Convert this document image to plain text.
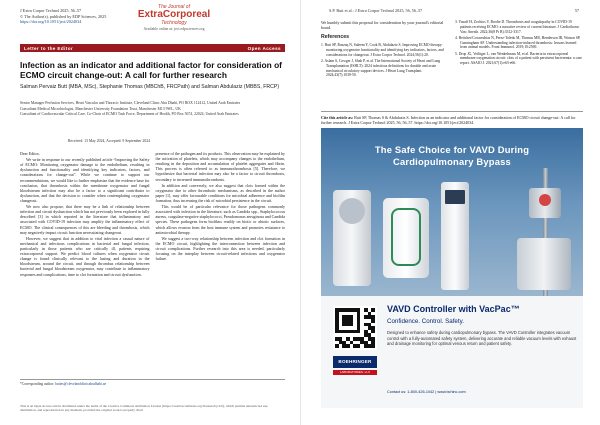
J Extra Corpor Technol 2025, 56–57
© The Author(s), published by EDP Sciences, 2025
https://doi.org/10.1051/ject/2024034
The Journal of
ExtraCorporeal
Technology
Available online at: ject.edpsciences.org
Letter to the Editor	Open Access
Infection as an indicator and additional factor for consideration of ECMO circuit change-out: A call for further research
Salman Pervaiz Butt (MBA, MSc), Stephanie Thomas (MBChB, FRCPath) and Salman Abdulaziz (MBBS, FRCP)

Senior Manager Perfusion Services, Heart Vascular and Thoracic Institute, Cleveland Clinic Abu Dhabi, PO BOX 112412, United Arab Emirates

Consultant Medical Microbiologist, Manchester University Foundation Trust, Manchester M13 9WL, UK

Consultant of Cardiovascular Critical Care, Co-Chair of ECMO Task Force, Department of Health, PO Box 5674, 22024, United Arab Emirates

Received: 13 May 2024, Accepted: 9 September 2024

Dear Editor,

We write in response to our recently published article “Improving the Safety of ECMO: Monitoring oxygenator damage to the endothelium, resulting in dysfunction and functionality and identifying key indicators, factors, and considerations for change-out”. While we continue to support our recommendations, we would like to further emphasize that the evidence base for conclusion, that thrombosis within the membrane oxygenator and fungal bloodstream infection may also be a factor to a significant contributor to dysfunction, and that the decision to consider when contemplating oxygenator changeout.

We now also propose, that there may be a link of relationship between infection and circuit dysfunction which has not previously been explored in fully described [3] in which reported in the literature that inflammatory and associated with COVID-19 infection may amplify the inflammatory effect of ECMO. The clinical consequences of this are bleeding and thrombosis, which may negatively impact circuit function necessitating changeout.

However, we suggest that in addition to vital infection a causal nature of mechanical and infectious complications in bacterial and fungal infection, particularly in those patients who are critically ill, patients requiring extracorporeal support. We predict blood cultures when oxygenator circuit change is found clinically relevant to the lasting and duration in the bloodstream, around the circuit, and through thrombus relationship between bacterial and fungal bloodstream oxygenator, may contribute to inflammatory responses and complications, time to clot formation and circuit dysfunction.

presence of the pathogen and its products. This observation may be explained by the activation of platelets, which may accompany changes to the endothelium, resulting in the deposition and accumulation of platelet aggregates and fibrin. This process is often referred to as immunothrombosis [5]. Therefore, we hypothesize that bacterial infection may also be a factor to circuit thrombosis, secondary to increased immunothrombosis.

In addition and conversely, we also suggest that clots formed within the oxygenator due to other thrombotic mechanisms, as described in the author paper [1], may offer favourable conditions for microbial adherence and biofilm formation, thus increasing the risk of microbial persistence in the circuit.

This would be of particular relevance for those pathogens commonly associated with infection in the literature, such as Candida spp., Staphylococcus aureus, coagulase-negative staphylococci, Pseudomonas aeruginosa and Candida species. These pathogens form biofilms readily on biotic or abiotic surfaces, which allows evasion from the host immune system and promotes resistance to antimicrobial therapy.

We suggest a two-way relationship between infection and clot formation in the ECMO circuit, highlighting the interconnection between infection and circuit complications. Further research into this area is needed, particularly focusing on the interplay between circuit-related infections and oxygenator failure.

*Corresponding author: buttes@clevelandclinicabudhabi.ae
This is an Open Access article distributed under the terms of the Creative Commons Attribution License (https://creativecommons.org/licenses/by/4.0), which permits unrestricted use, distribution, and reproduction in any medium, provided the original work is properly cited.
S.P. Butt et al.: J Extra Corpor Technol 2025, 56, 56–57	57

We humbly submit this proposal for consideration by your journal's editorial board.

References

1. Butt SP, Razzaq N, Saleem Y, Cook B, Abdulaziz S. Improving ECMO therapy: monitoring oxygenator functionality and identifying key indicators, factors, and considerations for changeout. J Extra Corpor Technol. 2024;56(1):20.

2. Aslam S, Cowger J, Shah P, et al. The International Society of Heart and Lung Transplantation (ISHLT): 2024 infectious definitions for durable and acute mechanical circulatory support devices. J Heart Lung Transplant. 2024;43(7):1039-50.

3. Yusuff H, Zochios V, Brodie D. Thrombosis and coagulopathy in COVID-19 patients receiving ECMO: a narrative review of current literature. J Cardiothorac Vasc Anesth. 2022;36(8 Pt B):3312-3317.

4. Bettcher/Covarrubias N, Perez-Toledo M, Thomas MR, Henderson IR, Watson SP, Cunningham AF. Understanding infection-induced thrombosis: lessons learned from animal models. Front Immunol. 2019;10:2569.

5. Drop JG, Vetlitger L, van Wenkelmans M, et al. Bacteria in extracorporeal membrane oxygenation circuit: clots of a patient with persistent bacteremia: a case report. ASAIO J. 2021;67(1):e63-e66.

Cite this article as: Butt SP, Thomas S & Abdulaziz S. Infection as an indicator and additional factor for consideration of ECMO circuit change-out: A call for further research. J Extra Corpor Technol 2025, 56, 56–57. https://doi.org/10.1051/ject/2024034.
The Safe Choice for VAVD During
Cardiopulmonary Bypass
BOEHRINGER
LABORATORIES, LLC
VAVD Controller with VacPac™
Confidence. Control. Safety.
Designed to enhance safety during cardiopulmonary bypass. The VAVD Controller integrates vacuum control with a fully-automated safety system, delivering accurate and reliable vacuum levels with exhaust and drainage monitoring for optimal venous return and patient safety.
Contact us: 1-800-426-1042 | www.bchinc.com
